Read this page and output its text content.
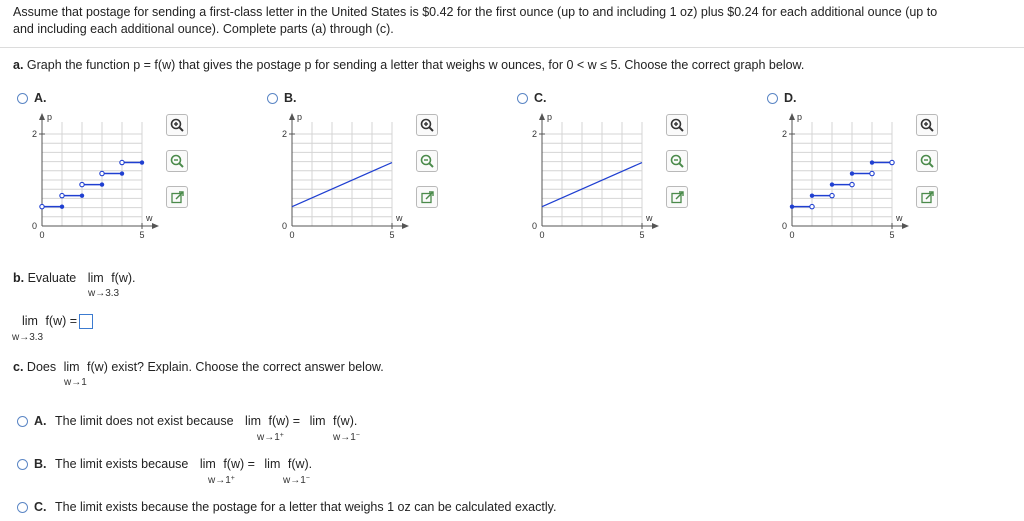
Assume that postage for sending a first-class letter in the United States is $0.42 for the first ounce (up to and including 1 oz) plus $0.24 for each additional ounce (up to
and including each additional ounce). Complete parts (a) through (c).
a. Graph the function p = f(w) that gives the postage p for sending a letter that weighs w ounces, for 0 < w ≤ 5. Choose the correct graph below.
A.	B.	C.	D.
p
w
2
0
0	5
p
w
2
0
0	5
p
w
2
0
0	5
p
w
2
0
0	5
b. Evaluate lim f(w).
w→3.3
lim f(w) =
w→3.3
c. Does lim f(w) exist? Explain. Choose the correct answer below.
w→1
A. The limit does not exist because lim f(w) = lim f(w).
w→1+	w→1−
B. The limit exists because lim f(w) = lim f(w).
w→1+	w→1−
C. The limit exists because the postage for a letter that weighs 1 oz can be calculated exactly.
